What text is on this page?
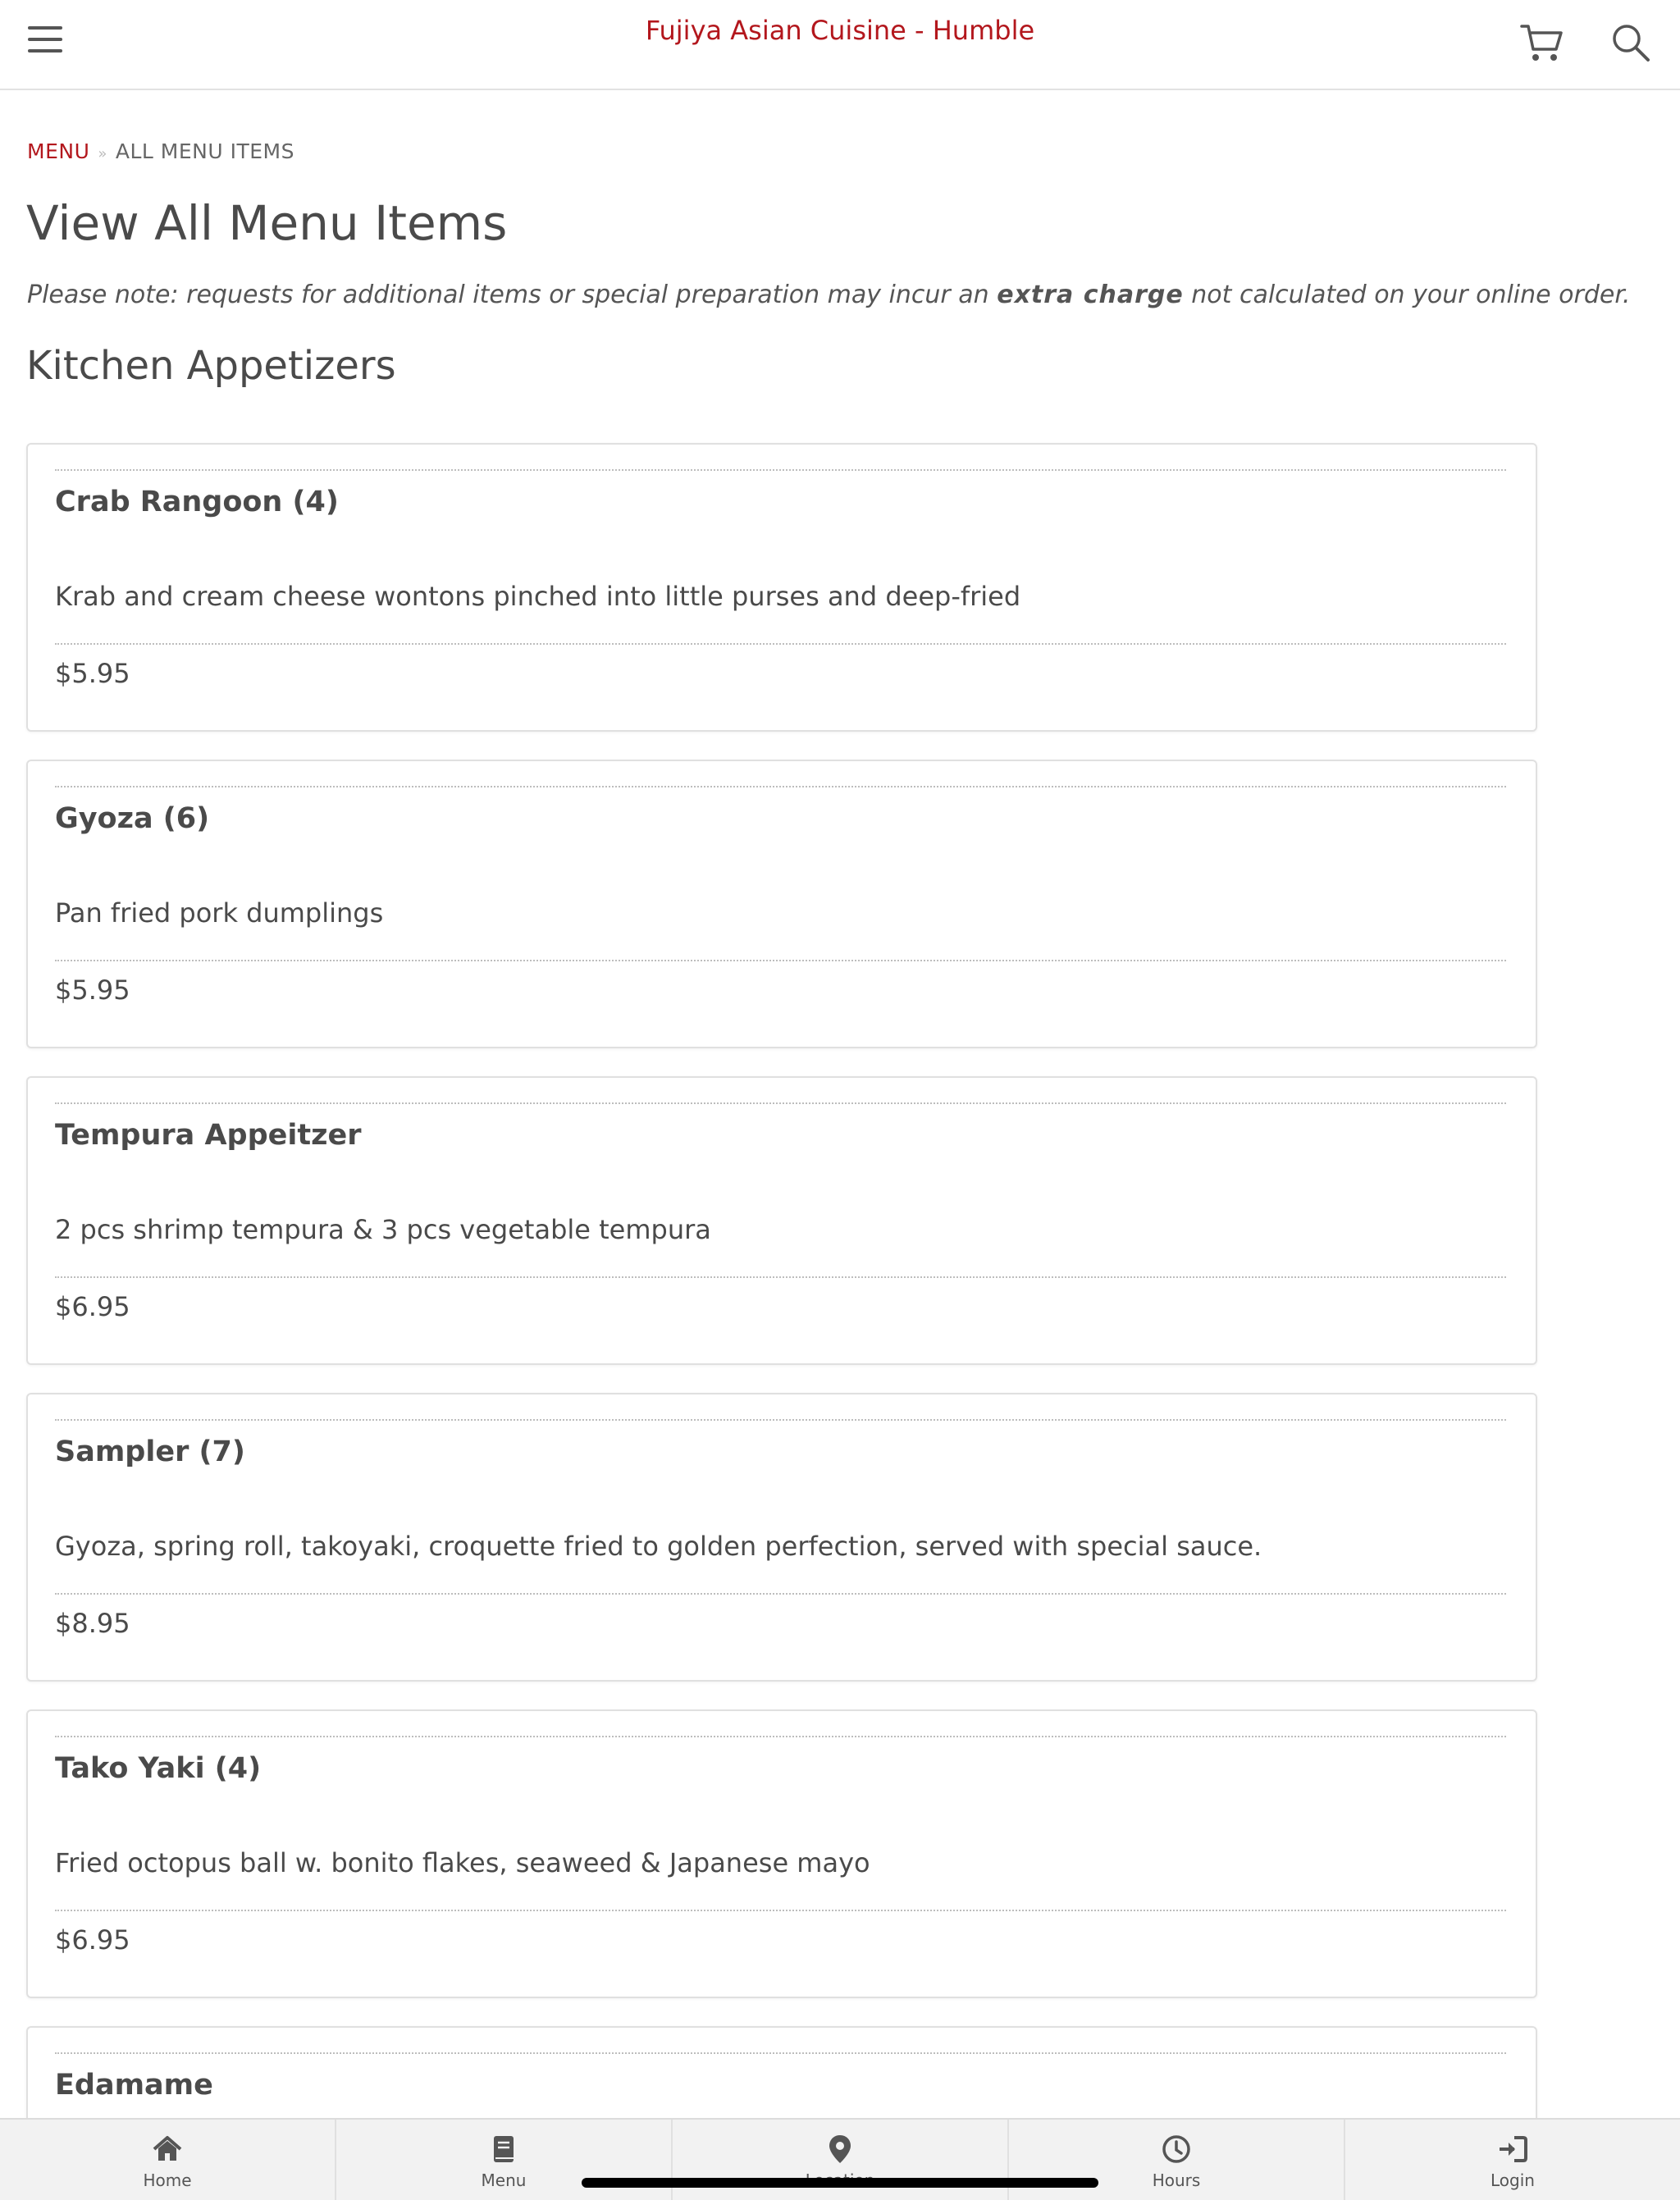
Fujiya Asian Cuisine - Humble
MENU » ALL MENU ITEMS
View All Menu Items

Please note: requests for additional items or special preparation may incur an extra charge not calculated on your online order.

Kitchen Appetizers
Crab Rangoon (4)
Krab and cream cheese wontons pinched into little purses and deep-fried
$5.95
Gyoza (6)
Pan fried pork dumplings
$5.95
Tempura Appeitzer
2 pcs shrimp tempura & 3 pcs vegetable tempura
$6.95
Sampler (7)
Gyoza, spring roll, takoyaki, croquette fried to golden perfection, served with special sauce.
$8.95
Tako Yaki (4)
Fried octopus ball w. bonito flakes, seaweed & Japanese mayo
$6.95
Edamame
Home	Menu	Hours	Login
